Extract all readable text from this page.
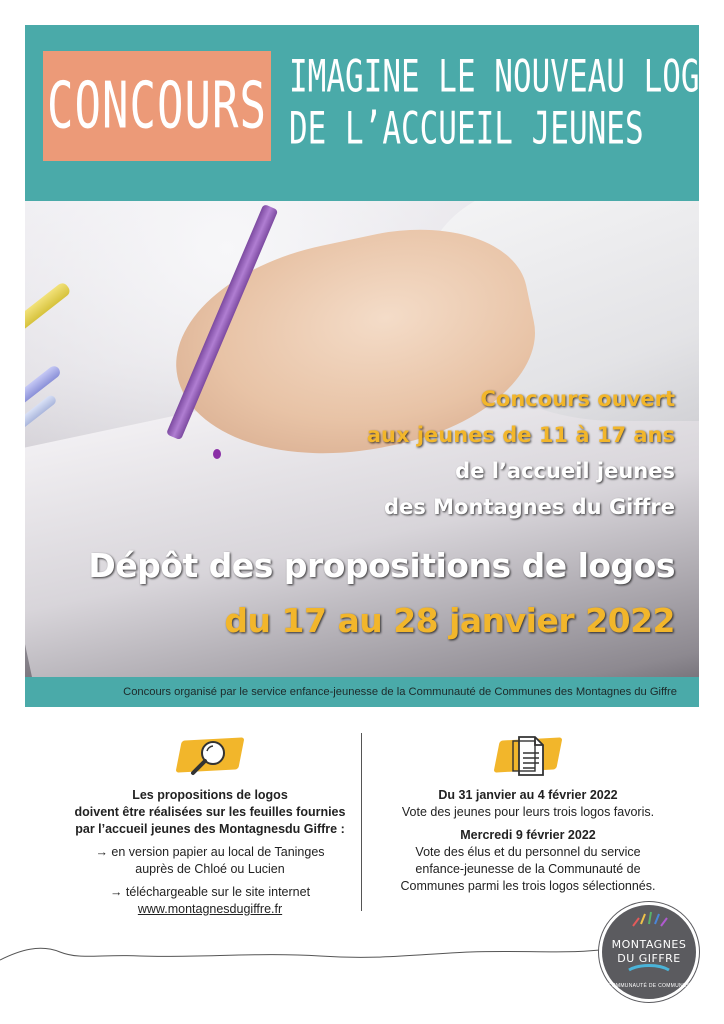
CONCOURS IMAGINE LE NOUVEAU LOGO
DE L’ACCUEIL JEUNES
Concours ouvert
aux jeunes de 11 à 17 ans
de l’accueil jeunes
des Montagnes du Giffre
Dépôt des propositions de logos
du 17 au 28 janvier 2022
Concours organisé par le service enfance-jeunesse de la Communauté de Communes des Montagnes du Giffre

Les propositions de logos

doivent être réalisées sur les feuilles fournies

par l’accueil jeunes des Montagnesdu Giffre :

→ en version papier au local de Taninges

auprès de Chloé ou Lucien

→ téléchargeable sur le site internet

www.montagnesdugiffre.fr

Du 31 janvier au 4 février 2022

Vote des jeunes pour leurs trois logos favoris.

Mercredi 9 février 2022

Vote des élus et du personnel du service

enfance-jeunesse de la Communauté de

Communes parmi les trois logos sélectionnés.

MONTAGNES
DU GIFFRE
COMMUNAUTÉ DE COMMUNES
